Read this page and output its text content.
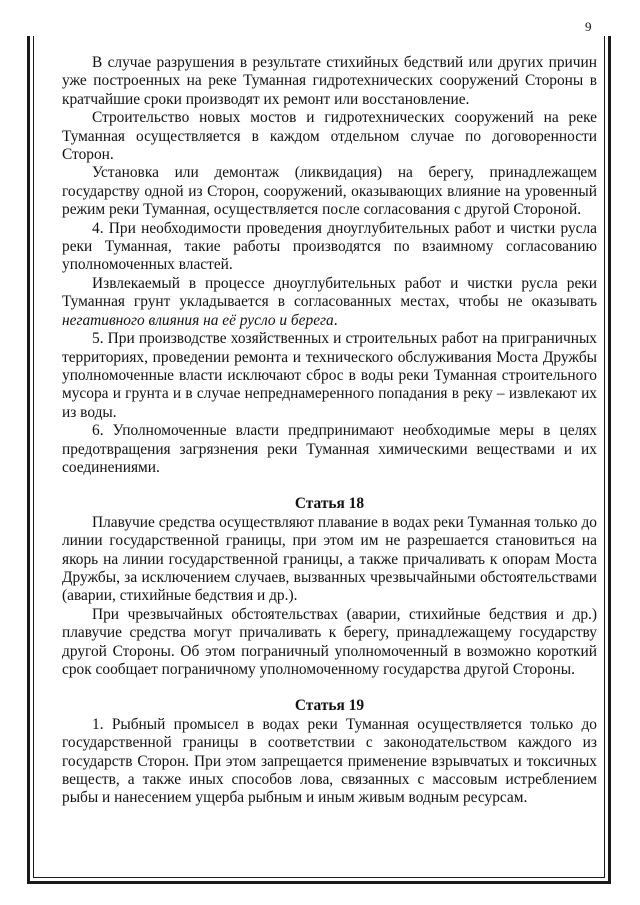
9

В случае разрушения в результате стихийных бедствий или других причин уже построенных на реке Туманная гидротехнических сооружений Стороны в кратчайшие сроки производят их ремонт или восстановление.

Строительство новых мостов и гидротехнических сооружений на реке Туманная осуществляется в каждом отдельном случае по договоренности Сторон.

Установка или демонтаж (ликвидация) на берегу, принадлежащем государству одной из Сторон, сооружений, оказывающих влияние на уровенный режим реки Туманная, осуществляется после согласования с другой Стороной.

4. При необходимости проведения дноуглубительных работ и чистки русла реки Туманная, такие работы производятся по взаимному согласованию уполномоченных властей.

Извлекаемый в процессе дноуглубительных работ и чистки русла реки Туманная грунт укладывается в согласованных местах, чтобы не оказывать негативного влияния на её русло и берега.

5. При производстве хозяйственных и строительных работ на приграничных территориях, проведении ремонта и технического обслуживания Моста Дружбы уполномоченные власти исключают сброс в воды реки Туманная строительного мусора и грунта и в случае непреднамеренного попадания в реку – извлекают их из воды.

6. Уполномоченные власти предпринимают необходимые меры в целях предотвращения загрязнения реки Туманная химическими веществами и их соединениями.

Статья 18

Плавучие средства осуществляют плавание в водах реки Туманная только до линии государственной границы, при этом им не разрешается становиться на якорь на линии государственной границы, а также причаливать к опорам Моста Дружбы, за исключением случаев, вызванных чрезвычайными обстоятельствами (аварии, стихийные бедствия и др.).

При чрезвычайных обстоятельствах (аварии, стихийные бедствия и др.) плавучие средства могут причаливать к берегу, принадлежащему государству другой Стороны. Об этом пограничный уполномоченный в возможно короткий срок сообщает пограничному уполномоченному государства другой Стороны.

Статья 19

1. Рыбный промысел в водах реки Туманная осуществляется только до государственной границы в соответствии с законодательством каждого из государств Сторон. При этом запрещается применение взрывчатых и токсичных веществ, а также иных способов лова, связанных с массовым истреблением рыбы и нанесением ущерба рыбным и иным живым водным ресурсам.
